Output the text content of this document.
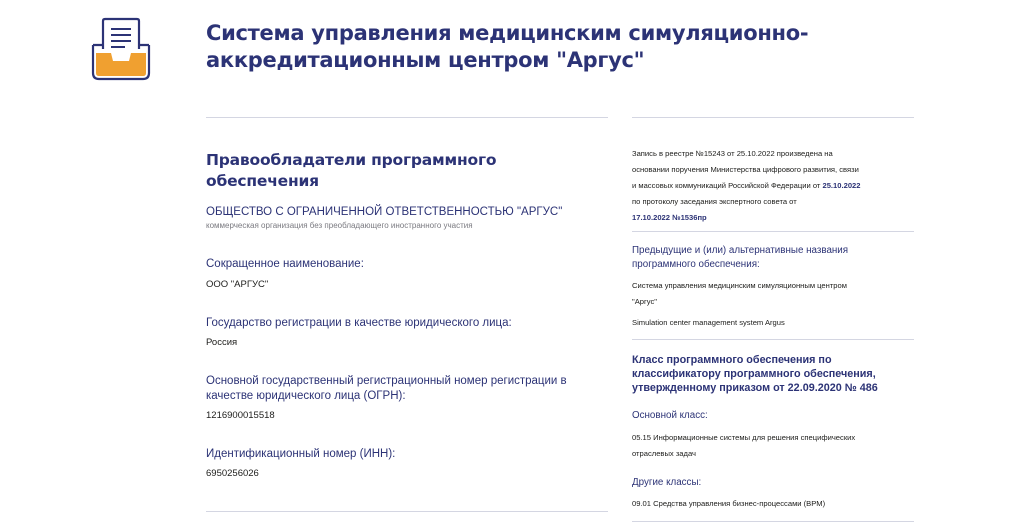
Система управления медицинским симуляционно-
аккредитационным центром "Аргус"
Правообладатели программного
обеспечения
ОБЩЕСТВО С ОГРАНИЧЕННОЙ ОТВЕТСТВЕННОСТЬЮ "АРГУС"
коммерческая организация без преобладающего иностранного участия
Сокращенное наименование:
ООО "АРГУС"
Государство регистрации в качестве юридического лица:
Россия
Основной государственный регистрационный номер регистрации в
качестве юридического лица (ОГРН):
1216900015518
Идентификационный номер (ИНН):
6950256026
Запись в реестре №15243 от 25.10.2022 произведена на
основании поручения Министерства цифрового развития, связи
и массовых коммуникаций Российской Федерации от 25.10.2022
по протоколу заседания экспертного совета от
17.10.2022 №1536пр
Предыдущие и (или) альтернативные названия
программного обеспечения:
Система управления медицинским симуляционным центром
"Аргус"
Simulation center management system Argus
Класс программного обеспечения по
классификатору программного обеспечения,
утвержденному приказом от 22.09.2020 № 486
Основной класс:
05.15 Информационные системы для решения специфических
отраслевых задач
Другие классы:
09.01 Средства управления бизнес-процессами (BPM)
